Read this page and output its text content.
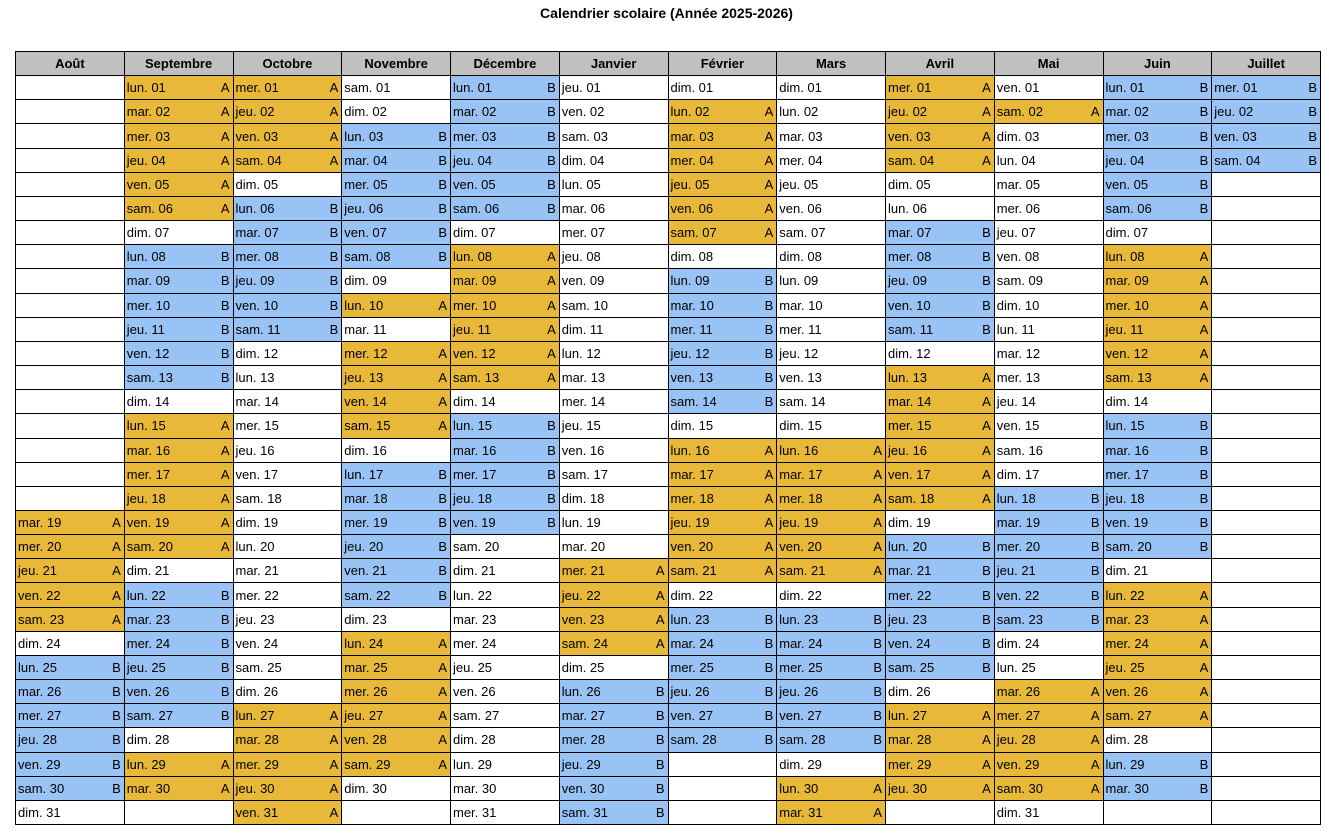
Calendrier scolaire (Année 2025-2026)
Août
mar. 19	A
mer. 20	A
jeu. 21	A
ven. 22	A
sam. 23	A
dim. 24
lun. 25	B
mar. 26	B
mer. 27	B
jeu. 28	B
ven. 29	B
sam. 30	B
dim. 31
Septembre
lun. 01	A
mar. 02	A
mer. 03	A
jeu. 04	A
ven. 05	A
sam. 06	A
dim. 07
lun. 08	B
mar. 09	B
mer. 10	B
jeu. 11	B
ven. 12	B
sam. 13	B
dim. 14
lun. 15	A
mar. 16	A
mer. 17	A
jeu. 18	A
ven. 19	A
sam. 20	A
dim. 21
lun. 22	B
mar. 23	B
mer. 24	B
jeu. 25	B
ven. 26	B
sam. 27	B
dim. 28
lun. 29	A
mar. 30	A
Octobre
mer. 01	A
jeu. 02	A
ven. 03	A
sam. 04	A
dim. 05
lun. 06	B
mar. 07	B
mer. 08	B
jeu. 09	B
ven. 10	B
sam. 11	B
dim. 12
lun. 13
mar. 14
mer. 15
jeu. 16
ven. 17
sam. 18
dim. 19
lun. 20
mar. 21
mer. 22
jeu. 23
ven. 24
sam. 25
dim. 26
lun. 27	A
mar. 28	A
mer. 29	A
jeu. 30	A
ven. 31	A
Novembre
sam. 01
dim. 02
lun. 03	B
mar. 04	B
mer. 05	B
jeu. 06	B
ven. 07	B
sam. 08	B
dim. 09
lun. 10	A
mar. 11
mer. 12	A
jeu. 13	A
ven. 14	A
sam. 15	A
dim. 16
lun. 17	B
mar. 18	B
mer. 19	B
jeu. 20	B
ven. 21	B
sam. 22	B
dim. 23
lun. 24	A
mar. 25	A
mer. 26	A
jeu. 27	A
ven. 28	A
sam. 29	A
dim. 30
Décembre
lun. 01	B
mar. 02	B
mer. 03	B
jeu. 04	B
ven. 05	B
sam. 06	B
dim. 07
lun. 08	A
mar. 09	A
mer. 10	A
jeu. 11	A
ven. 12	A
sam. 13	A
dim. 14
lun. 15	B
mar. 16	B
mer. 17	B
jeu. 18	B
ven. 19	B
sam. 20
dim. 21
lun. 22
mar. 23
mer. 24
jeu. 25
ven. 26
sam. 27
dim. 28
lun. 29
mar. 30
mer. 31
Janvier
jeu. 01
ven. 02
sam. 03
dim. 04
lun. 05
mar. 06
mer. 07
jeu. 08
ven. 09
sam. 10
dim. 11
lun. 12
mar. 13
mer. 14
jeu. 15
ven. 16
sam. 17
dim. 18
lun. 19
mar. 20
mer. 21	A
jeu. 22	A
ven. 23	A
sam. 24	A
dim. 25
lun. 26	B
mar. 27	B
mer. 28	B
jeu. 29	B
ven. 30	B
sam. 31	B
Février
dim. 01
lun. 02	A
mar. 03	A
mer. 04	A
jeu. 05	A
ven. 06	A
sam. 07	A
dim. 08
lun. 09	B
mar. 10	B
mer. 11	B
jeu. 12	B
ven. 13	B
sam. 14	B
dim. 15
lun. 16	A
mar. 17	A
mer. 18	A
jeu. 19	A
ven. 20	A
sam. 21	A
dim. 22
lun. 23	B
mar. 24	B
mer. 25	B
jeu. 26	B
ven. 27	B
sam. 28	B
Mars
dim. 01
lun. 02
mar. 03
mer. 04
jeu. 05
ven. 06
sam. 07
dim. 08
lun. 09
mar. 10
mer. 11
jeu. 12
ven. 13
sam. 14
dim. 15
lun. 16	A
mar. 17	A
mer. 18	A
jeu. 19	A
ven. 20	A
sam. 21	A
dim. 22
lun. 23	B
mar. 24	B
mer. 25	B
jeu. 26	B
ven. 27	B
sam. 28	B
dim. 29
lun. 30	A
mar. 31	A
Avril
mer. 01	A
jeu. 02	A
ven. 03	A
sam. 04	A
dim. 05
lun. 06
mar. 07	B
mer. 08	B
jeu. 09	B
ven. 10	B
sam. 11	B
dim. 12
lun. 13	A
mar. 14	A
mer. 15	A
jeu. 16	A
ven. 17	A
sam. 18	A
dim. 19
lun. 20	B
mar. 21	B
mer. 22	B
jeu. 23	B
ven. 24	B
sam. 25	B
dim. 26
lun. 27	A
mar. 28	A
mer. 29	A
jeu. 30	A
Mai
ven. 01
sam. 02	A
dim. 03
lun. 04
mar. 05
mer. 06
jeu. 07
ven. 08
sam. 09
dim. 10
lun. 11
mar. 12
mer. 13
jeu. 14
ven. 15
sam. 16
dim. 17
lun. 18	B
mar. 19	B
mer. 20	B
jeu. 21	B
ven. 22	B
sam. 23	B
dim. 24
lun. 25
mar. 26	A
mer. 27	A
jeu. 28	A
ven. 29	A
sam. 30	A
dim. 31
Juin
lun. 01	B
mar. 02	B
mer. 03	B
jeu. 04	B
ven. 05	B
sam. 06	B
dim. 07
lun. 08	A
mar. 09	A
mer. 10	A
jeu. 11	A
ven. 12	A
sam. 13	A
dim. 14
lun. 15	B
mar. 16	B
mer. 17	B
jeu. 18	B
ven. 19	B
sam. 20	B
dim. 21
lun. 22	A
mar. 23	A
mer. 24	A
jeu. 25	A
ven. 26	A
sam. 27	A
dim. 28
lun. 29	B
mar. 30	B
Juillet
mer. 01	B
jeu. 02	B
ven. 03	B
sam. 04	B
